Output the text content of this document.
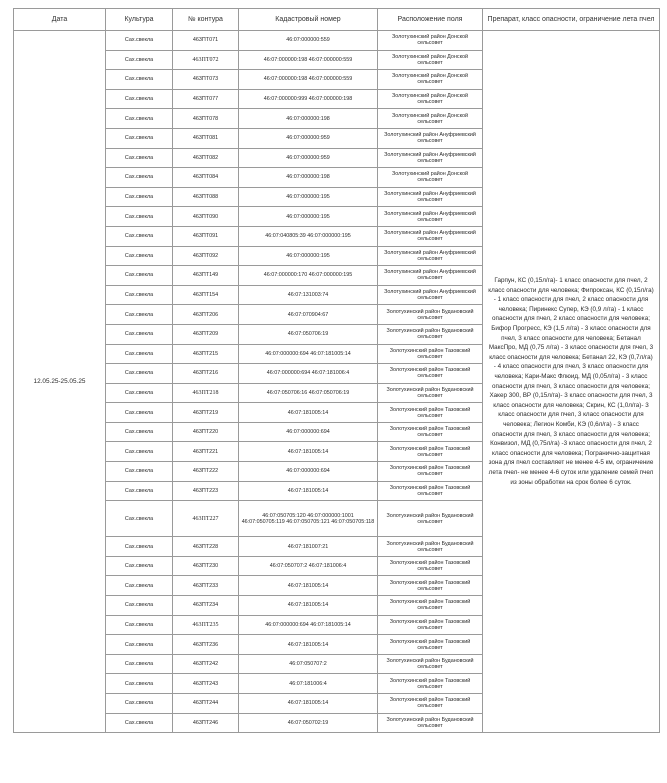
Дата	Культура	№ контура	Кадастровый номер	Расположение поля	Препарат, класс опасности, ограничение лета пчел
12.05.25-25.05.25	Сах.свекла	463ПТ071	46:07:000000:559	Золотухинский район Донской сельсовет	Гарпун, КС (0,15л/га)- 1 класс опасности для пчел, 2 класс опасности для человека; Фипроксан, КС (0,15л/га) - 1 класс опасности для пчел, 2 класс опасности для человека; Пиринекс Супер, КЭ (0,9 л/га) - 1 класс опасности для пчел, 2 класс опасности для человека; Бифор Прогресс, КЭ (1,5 л/га) - 3 класс опасности для пчел, 3 класс опасности для человека; Бетанал МаксПро, МД (0,75 л/га) - 3 класс опасности для пчел, 3 класс опасности для человека; Бетанал 22, КЭ (0,7л/га) - 4 класс опасности для пчел, 3 класс опасности для человека; Кари-Макс Флюид, МД (0,05л/га) - 3 класс опасности для пчел, 3 класс опасности для человека; Хакер 300, ВР (0,15л/га)- 3 класс опасности для пчел, 3 класс опасности для человека; Скрин, КС (1,0л/га)- 3 класс опасности для пчел, 3 класс опасности для человека; Легион Комби, КЭ (0,6л/га) - 3 класс опасности для пчел, 3 класс опасности для человека; Конвизол, МД (0,75л/га) -3 класс опасности для пчел, 2 класс опасности для человека; Погранично-защитная зона для пчел составляет не менее 4-5 км, ограничение лета пчел- не менее 4-6 суток или удаление семей пчел из зоны обработки на срок более 6 суток.
	Сах.свекла	463ПТ072	46:07:000000:198 46:07:000000:559	Золотухинский район Донской сельсовет	
	Сах.свекла	463ПТ073	46:07:000000:198 46:07:000000:559	Золотухинский район Донской сельсовет	
	Сах.свекла	463ПТ077	46:07:000000:999 46:07:000000:198	Золотухинский район Донской сельсовет	
	Сах.свекла	463ПТ078	46:07:000000:198	Золотухинский район Донской сельсовет	
	Сах.свекла	463ПТ081	46:07:000000:959	Золотухинский район Ануфриевский сельсовет	
	Сах.свекла	463ПТ082	46:07:000000:959	Золотухинский район Ануфриевский сельсовет	
	Сах.свекла	463ПТ084	46:07:000000:198	Золотухинский район Донской сельсовет	
	Сах.свекла	463ПТ088	46:07:000000:195	Золотухинский район Ануфриевский сельсовет	
	Сах.свекла	463ПТ090	46:07:000000:195	Золотухинский район Ануфриевский сельсовет	
	Сах.свекла	463ПТ091	46:07:040805:39 46:07:000000:195	Золотухинский район Ануфриевский сельсовет	
	Сах.свекла	463ПТ092	46:07:000000:195	Золотухинский район Ануфриевский сельсовет	
	Сах.свекла	463ПТ149	46:07:000000:170 46:07:000000:195	Золотухинский район Ануфриевский сельсовет	
	Сах.свекла	463ПТ154	46:07:131003:74	Золотухинский район Ануфриевский сельсовет	
	Сах.свекла	463ПТ206	46:07:070904:67	Золотухинский район Будановский сельсовет	
	Сах.свекла	463ПТ209	46:07:050706:19	Золотухинский район Будановский сельсовет	
	Сах.свекла	463ПТ215	46:07:000000:694 46:07:181005:14	Золотухинский район Тазовский сельсовет	
	Сах.свекла	463ПТ216	46:07:000000:694 46:07:181006:4	Золотухинский район Тазовский сельсовет	
	Сах.свекла	463ПТ218	46:07:050706:16 46:07:050706:19	Золотухинский район Будановский сельсовет	
	Сах.свекла	463ПТ219	46:07:181005:14	Золотухинский район Тазовский сельсовет	
	Сах.свекла	463ПТ220	46:07:000000:694	Золотухинский район Тазовский сельсовет	
	Сах.свекла	463ПТ221	46:07:181005:14	Золотухинский район Тазовский сельсовет	
	Сах.свекла	463ПТ222	46:07:000000:694	Золотухинский район Тазовский сельсовет	
	Сах.свекла	463ПТ223	46:07:181005:14	Золотухинский район Тазовский сельсовет	
	Сах.свекла	463ПТ227	46:07:050705:120 46:07:000000:1001 46:07:050705:119 46:07:050705:121 46:07:050705:118	Золотухинский район Будановский сельсовет	
	Сах.свекла	463ПТ228	46:07:181007:21	Золотухинский район Будановский сельсовет	
	Сах.свекла	463ПТ230	46:07:050707:2 46:07:181006:4	Золотухинский район Тазовский сельсовет	
	Сах.свекла	463ПТ233	46:07:181005:14	Золотухинский район Тазовский сельсовет	
	Сах.свекла	463ПТ234	46:07:181005:14	Золотухинский район Тазовский сельсовет	
	Сах.свекла	463ПТ235	46:07:000000:694 46:07:181005:14	Золотухинский район Тазовский сельсовет	
	Сах.свекла	463ПТ236	46:07:181005:14	Золотухинский район Тазовский сельсовет	
	Сах.свекла	463ПТ242	46:07:050707:2	Золотухинский район Будановский сельсовет	
	Сах.свекла	463ПТ243	46:07:181006:4	Золотухинский район Тазовский сельсовет	
	Сах.свекла	463ПТ244	46:07:181005:14	Золотухинский район Тазовский сельсовет	
	Сах.свекла	463ПТ246	46:07:050702:19	Золотухинский район Будановский сельсовет	
